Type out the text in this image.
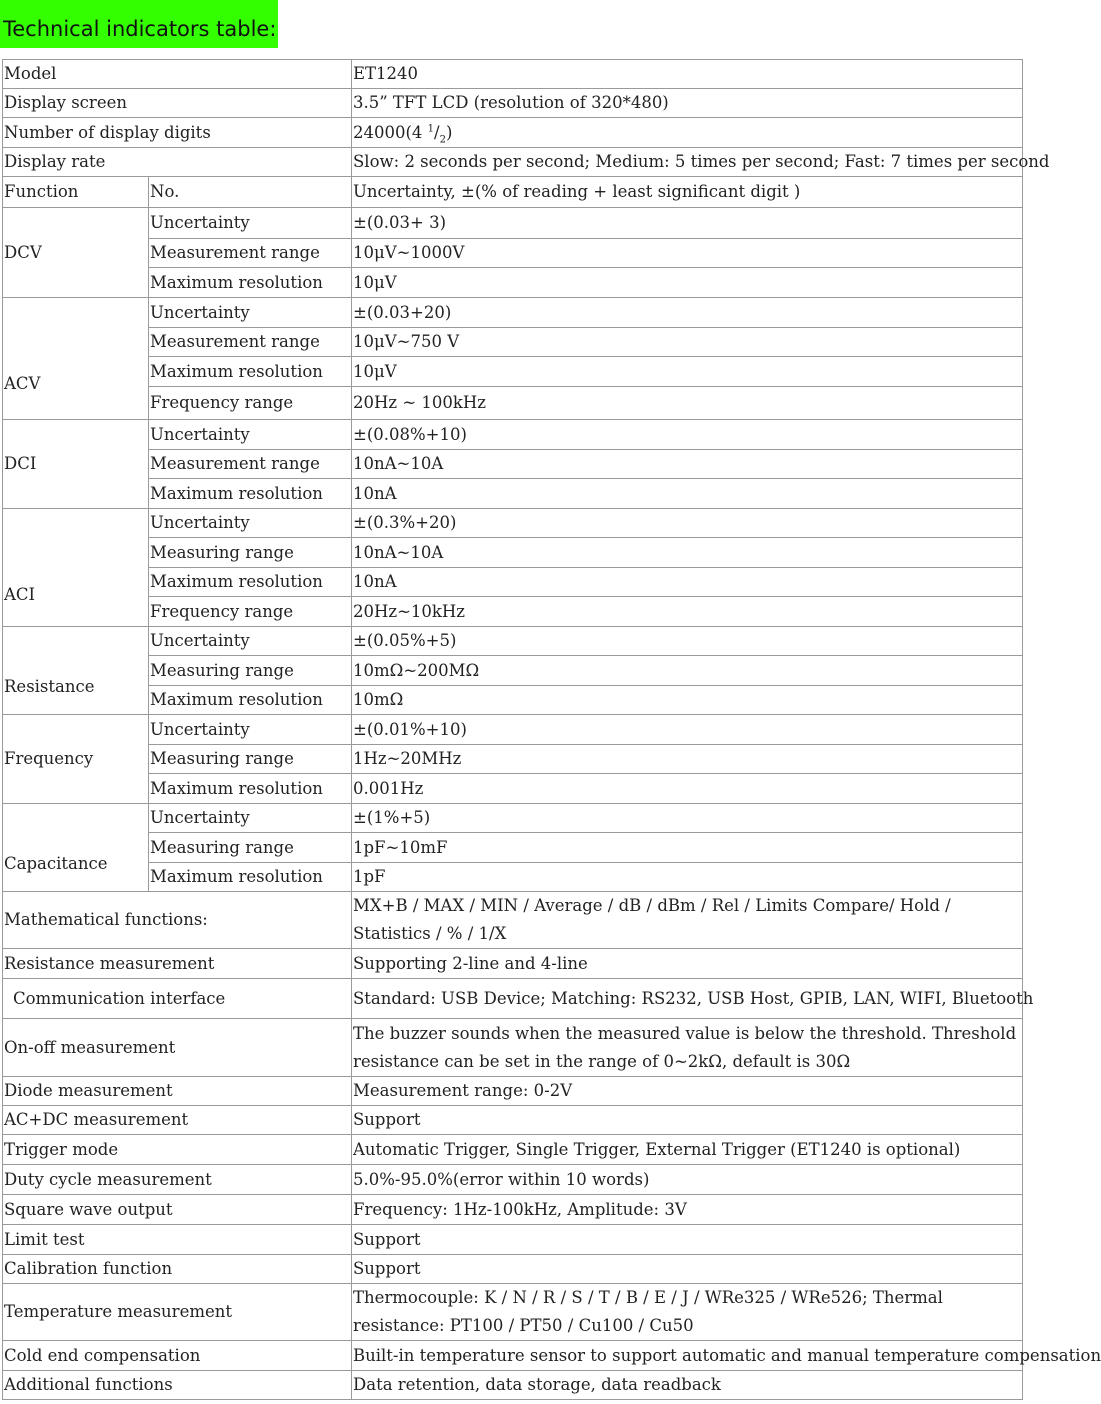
Technical indicators table:
Model		ET1240
Display screen		3.5” TFT LCD (resolution of 320*480)
Number of display digits		24000(4 $^1/_2$)
Display rate		Slow: 2 seconds per second; Medium: 5 times per second; Fast: 7 times per second
Function	No.	Uncertainty, ±(% of reading + least significant digit )
DCV	Uncertainty	±(0.03+ 3)
	Measurement range	10μV~1000V
	Maximum resolution	10μV
ACV	Uncertainty	±(0.03+20)
	Measurement range	10μV~750 V
	Maximum resolution	10μV
	Frequency range	20Hz ~ 100kHz
DCI	Uncertainty	±(0.08%+10)
	Measurement range	10nA~10A
	Maximum resolution	10nA
ACI	Uncertainty	±(0.3%+20)
	Measuring range	10nA~10A
	Maximum resolution	10nA
	Frequency range	20Hz~10kHz
Resistance	Uncertainty	±(0.05%+5)
	Measuring range	10mΩ~200MΩ
	Maximum resolution	10mΩ
Frequency	Uncertainty	±(0.01%+10)
	Measuring range	1Hz~20MHz
	Maximum resolution	0.001Hz
Capacitance	Uncertainty	±(1%+5)
	Measuring range	1pF~10mF
	Maximum resolution	1pF
Mathematical functions:		MX+B / MAX / MIN / Average / dB / dBm / Rel / Limits Compare/ Hold / Statistics / % / 1/X
Resistance measurement		Supporting 2-line and 4-line
Communication interface		Standard: USB Device; Matching: RS232, USB Host, GPIB, LAN, WIFI, Bluetooth
On-off measurement		The buzzer sounds when the measured value is below the threshold. Threshold resistance can be set in the range of 0~2kΩ, default is 30Ω
Diode measurement		Measurement range: 0-2V
AC+DC measurement		Support
Trigger mode		Automatic Trigger, Single Trigger, External Trigger (ET1240 is optional)
Duty cycle measurement		5.0%-95.0%(error within 10 words)
Square wave output		Frequency: 1Hz-100kHz, Amplitude: 3V
Limit test		Support
Calibration function		Support
Temperature measurement		Thermocouple: K / N / R / S / T / B / E / J / WRe325 / WRe526; Thermal resistance: PT100 / PT50 / Cu100 / Cu50
Cold end compensation		Built-in temperature sensor to support automatic and manual temperature compensation
Additional functions		Data retention, data storage, data readback
